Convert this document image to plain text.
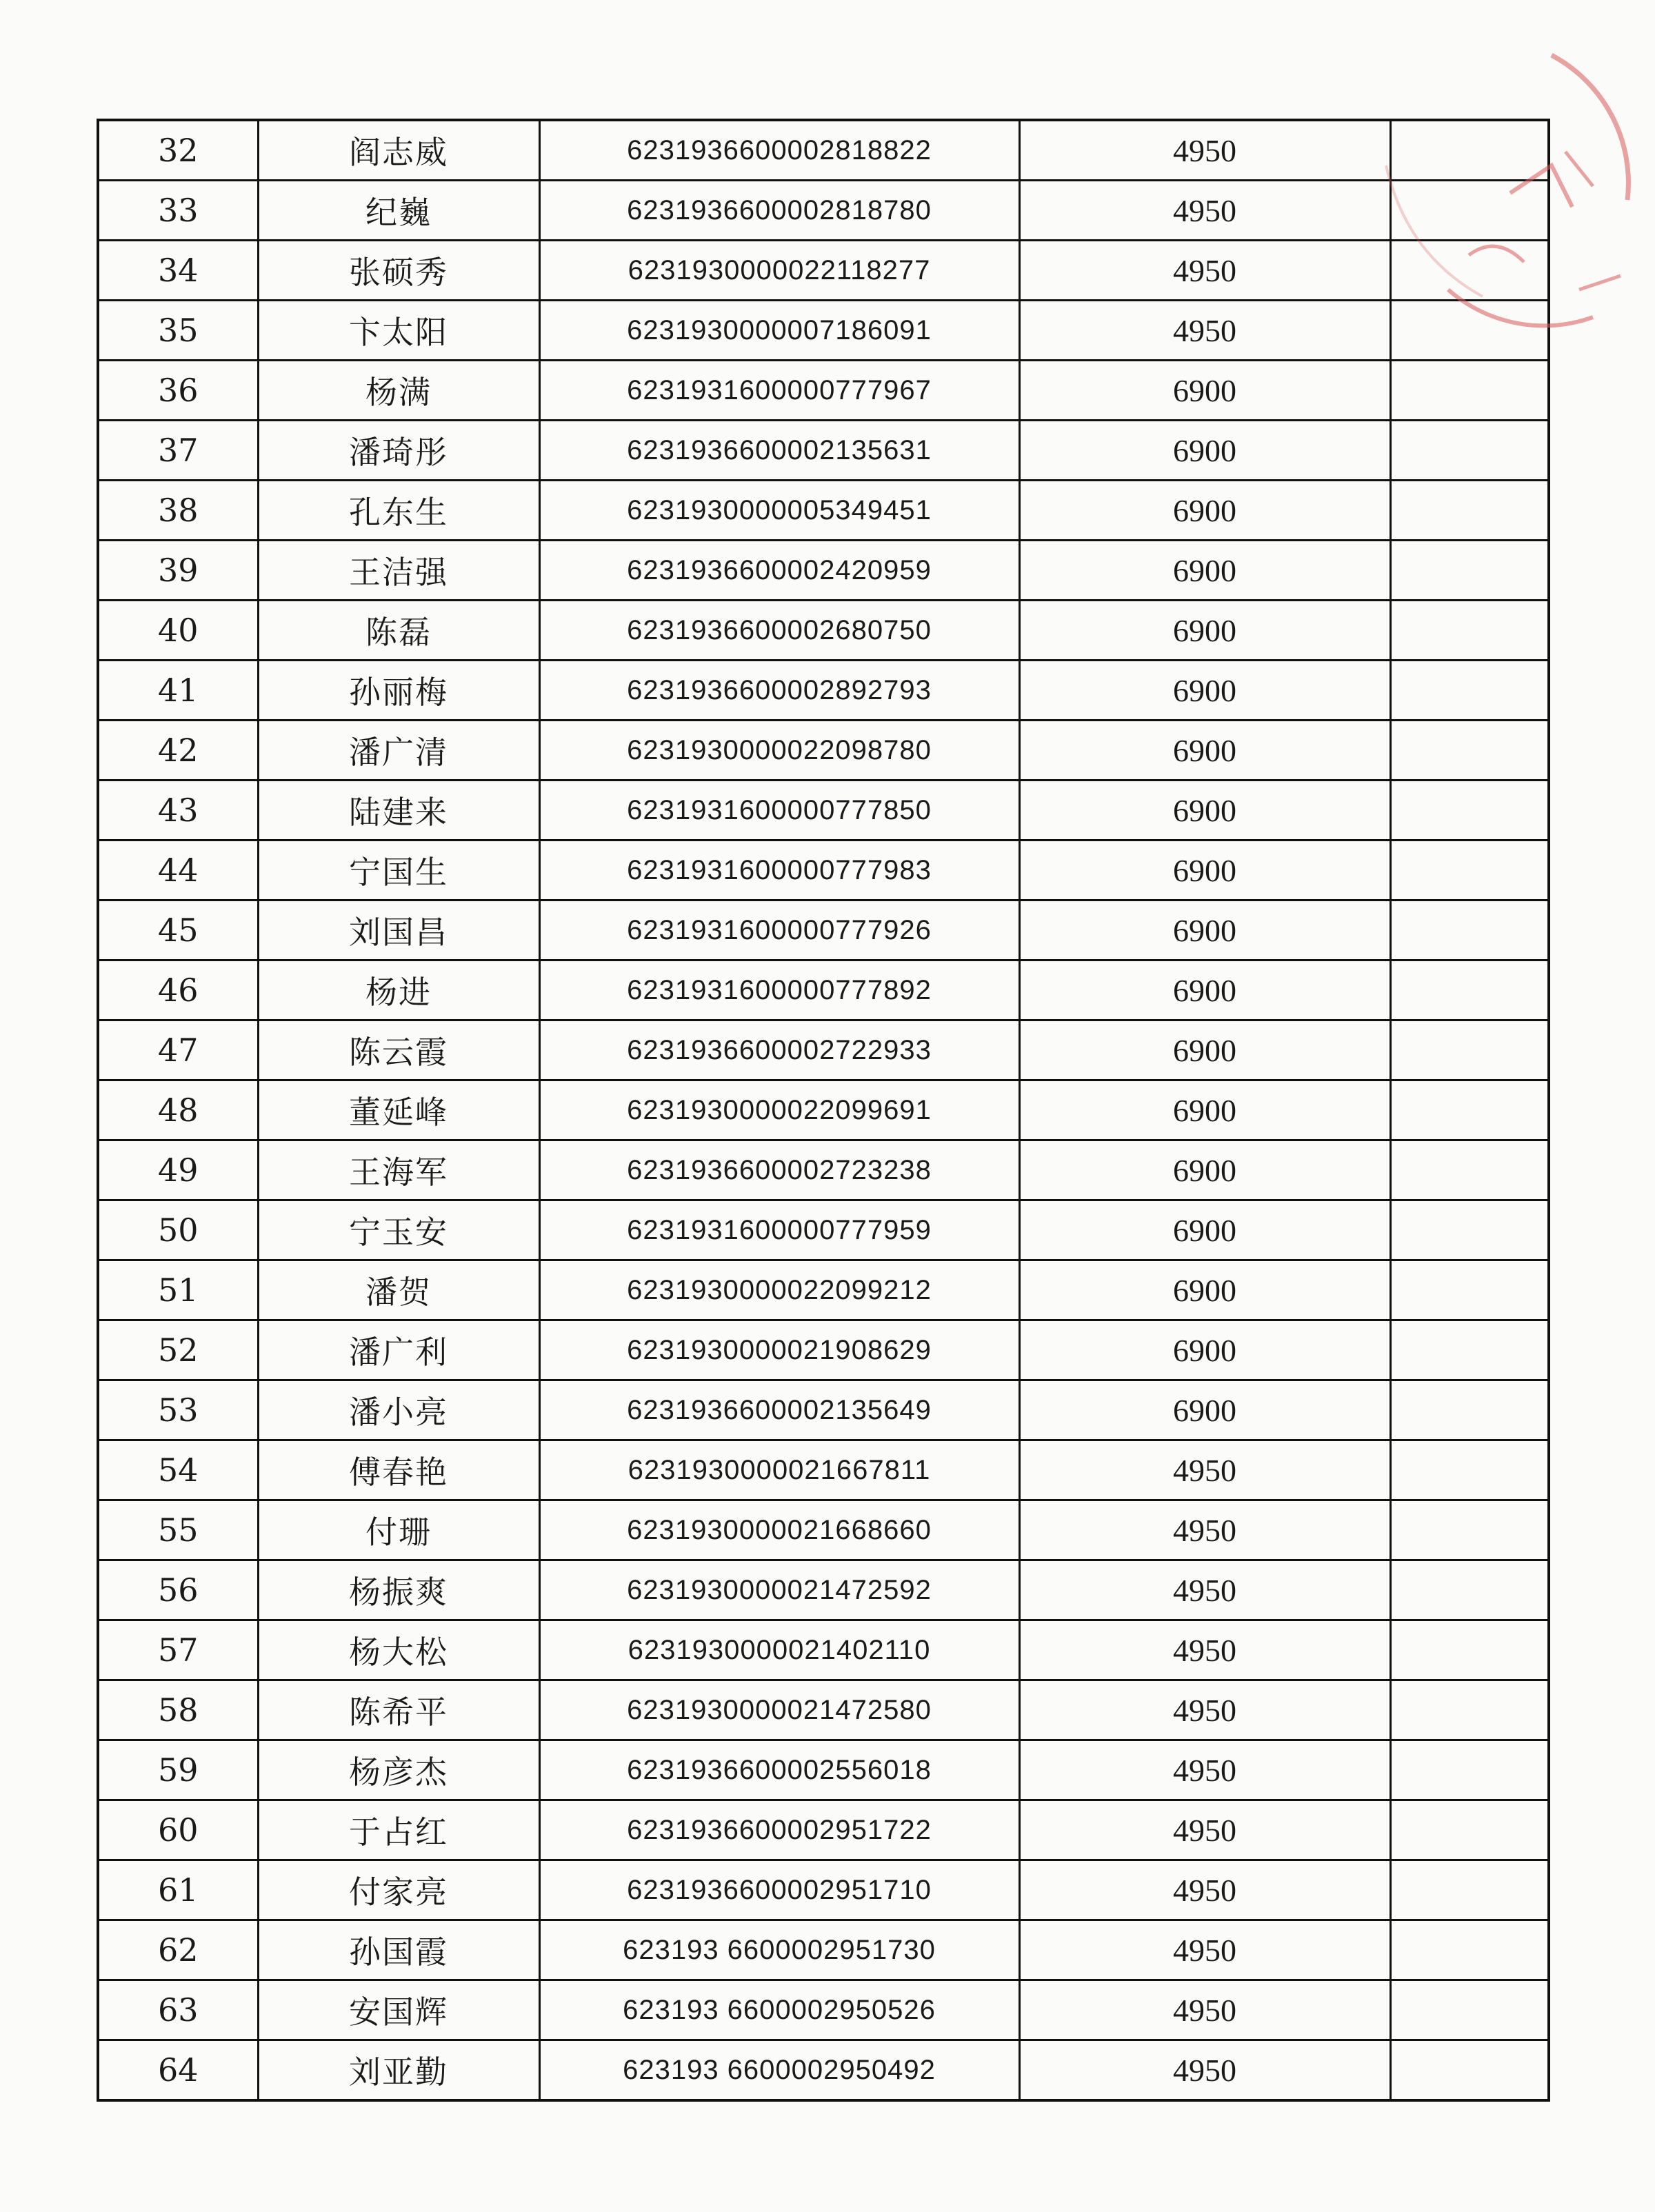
32	阎志威	6231936600002818822	4950	
33	纪巍	6231936600002818780	4950	
34	张硕秀	6231930000022118277	4950	
35	卞太阳	6231930000007186091	4950	
36	杨满	6231931600000777967	6900	
37	潘琦彤	6231936600002135631	6900	
38	孔东生	6231930000005349451	6900	
39	王洁强	6231936600002420959	6900	
40	陈磊	6231936600002680750	6900	
41	孙丽梅	6231936600002892793	6900	
42	潘广清	6231930000022098780	6900	
43	陆建来	6231931600000777850	6900	
44	宁国生	6231931600000777983	6900	
45	刘国昌	6231931600000777926	6900	
46	杨进	6231931600000777892	6900	
47	陈云霞	6231936600002722933	6900	
48	董延峰	6231930000022099691	6900	
49	王海军	6231936600002723238	6900	
50	宁玉安	6231931600000777959	6900	
51	潘贺	6231930000022099212	6900	
52	潘广利	6231930000021908629	6900	
53	潘小亮	6231936600002135649	6900	
54	傅春艳	6231930000021667811	4950	
55	付珊	6231930000021668660	4950	
56	杨振爽	6231930000021472592	4950	
57	杨大松	6231930000021402110	4950	
58	陈希平	6231930000021472580	4950	
59	杨彦杰	6231936600002556018	4950	
60	于占红	6231936600002951722	4950	
61	付家亮	6231936600002951710	4950	
62	孙国霞	623193 6600002951730	4950	
63	安国辉	623193 6600002950526	4950	
64	刘亚勤	623193 6600002950492	4950	
